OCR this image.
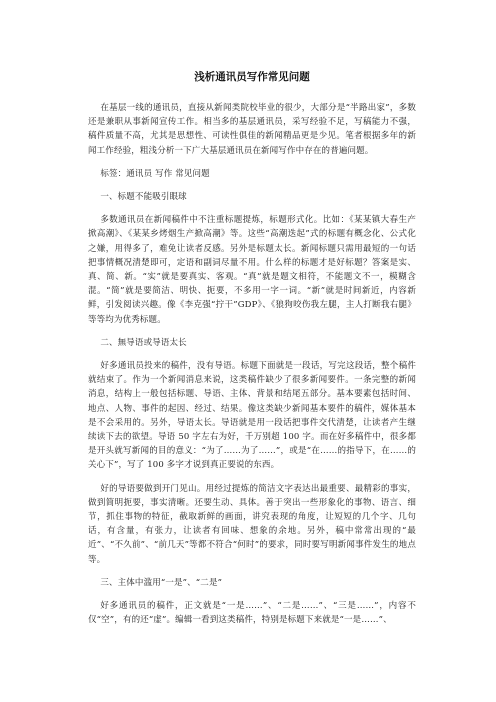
浅析通讯员写作常见问题

在基层一线的通讯员，直接从新闻类院校毕业的很少，大部分是“半路出家”，多数还是兼职从事新闻宣传工作。相当多的基层通讯员，采写经验不足，写稿能力不强，稿件质量不高，尤其是思想性、可读性俱佳的新闻精品更是少见。笔者根据多年的新闻工作经验，粗浅分析一下广大基层通讯员在新闻写作中存在的普遍问题。

标签：通讯员 写作 常见问题

一、标题不能吸引眼球

多数通讯员在新闻稿件中不注重标题提炼，标题形式化。比如：《某某镇大春生产掀高潮》、《某某乡烤烟生产掀高潮》等。这些“高潮迭起”式的标题有概念化、公式化之嫌，用得多了，难免让读者反感。另外是标题太长。新闻标题只需用最短的一句话把事情概况清楚即可，定语和副词尽量不用。什么样的标题才是好标题？答案是实、真、简、新。“实”就是要真实、客观。“真”就是题文相符，不能题文不一，模糊含混。“简”就是要简洁、明快、扼要，不多用一字一词。“新”就是时间新近，内容新鲜，引发阅读兴趣。像《李克强“拧干”GDP》、《狼狗咬伤我左腿，主人打断我右腿》等等均为优秀标题。

二、無导语或导语太长

好多通讯员投来的稿件，没有导语。标题下面就是一段话，写完这段话，整个稿件就结束了。作为一个新闻消息来说，这类稿件缺少了很多新闻要件。一条完整的新闻消息，结构上一般包括标题、导语、主体、背景和结尾五部分。基本要素包括时间、地点、人物、事件的起因、经过、结果。像这类缺少新闻基本要件的稿件，媒体基本是不会采用的。另外，导语太长。导语就是用一段话把事件交代清楚，让读者产生继续读下去的欲望。导语 50 字左右为好，千万别超 100 字。而在好多稿件中，很多都是开头就写新闻的目的意义：“为了……为了……”，或是“在……的指导下，在……的关心下”，写了 100 多字才说到真正要说的东西。

好的导语要做到开门见山。用经过提炼的简洁文字表达出最重要、最精彩的事实，做到简明扼要，事实清晰。还要生动、具体。善于突出一些形象化的事物、语言、细节，抓住事物的特征，截取新鲜的画面，讲究表现的角度，让短短的几个字、几句话，有含量，有张力，让读者有回味、想象的余地。另外，稿中常常出现的“最近”、“不久前”、“前几天”等都不符合“何时”的要求，同时要写明新闻事件发生的地点等。

三、主体中滥用“一是”、“二是”

好多通讯员的稿件，正文就是“一是……”、“二是……”、“三是……”，内容不仅“空”，有的还“虚”。编辑一看到这类稿件，特别是标题下来就是“一是……”、
